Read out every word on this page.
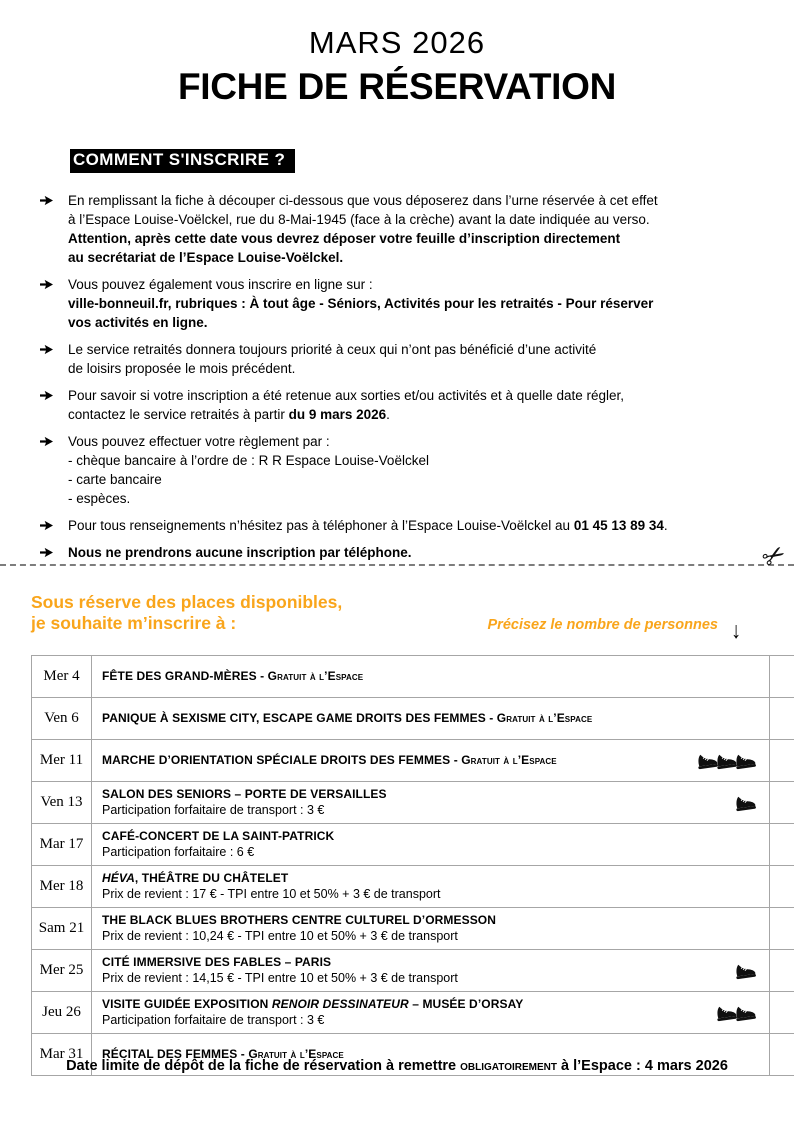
MARS 2026
FICHE DE RÉSERVATION
COMMENT S'INSCRIRE ?
En remplissant la fiche à découper ci-dessous que vous déposerez dans l’urne réservée à cet effet
à l’Espace Louise-Voëlckel, rue du 8-Mai-1945 (face à la crèche) avant la date indiquée au verso.
Attention, après cette date vous devrez déposer votre feuille d’inscription directement
au secrétariat de l’Espace Louise-Voëlckel.
Vous pouvez également vous inscrire en ligne sur :
ville-bonneuil.fr, rubriques : À tout âge - Séniors, Activités pour les retraités - Pour réserver
vos activités en ligne.
Le service retraités donnera toujours priorité à ceux qui n’ont pas bénéficié d’une activité
de loisirs proposée le mois précédent.
Pour savoir si votre inscription a été retenue aux sorties et/ou activités et à quelle date régler,
contactez le service retraités à partir du 9 mars 2026.
Vous pouvez effectuer votre règlement par :
- chèque bancaire à l’ordre de : R R Espace Louise-Voëlckel
- carte bancaire
- espèces.
Pour tous renseignements n’hésitez pas à téléphoner à l’Espace Louise-Voëlckel au 01 45 13 89 34.
Nous ne prendrons aucune inscription par téléphone.	✂
Sous réserve des places disponibles,
je souhaite m’inscrire à :	Précisez le nombre de personnes ↓
Mer 4	FÊTE DES GRAND-MÈRES - Gratuit à l’Espace	

Ven 6	PANIQUE À SEXISME CITY, ESCAPE GAME DROITS DES FEMMES - Gratuit à l’Espace	

Mer 11	MARCHE D’ORIENTATION SPÉCIALE DROITS DES FEMMES - Gratuit à l’Espace	

Ven 13	SALON DES SENIORS – PORTE DE VERSAILLES
Participation forfaitaire de transport : 3 €	

Mar 17	CAFÉ-CONCERT DE LA SAINT-PATRICK
Participation forfaitaire : 6 €	

Mer 18	HÉVA, THÉÂTRE DU CHÂTELET
Prix de revient : 17 € - TPI entre 10 et 50% + 3 € de transport	

Sam 21	THE BLACK BLUES BROTHERS CENTRE CULTUREL D’ORMESSON
Prix de revient : 10,24 € - TPI entre 10 et 50% + 3 € de transport	

Mer 25	CITÉ IMMERSIVE DES FABLES – PARIS
Prix de revient : 14,15 € - TPI entre 10 et 50% + 3 € de transport	

Jeu 26	VISITE GUIDÉE EXPOSITION RENOIR DESSINATEUR – MUSÉE D’ORSAY
Participation forfaitaire de transport : 3 €	

Mar 31	RÉCITAL DES FEMMES - Gratuit à l’Espace	

Date limite de dépôt de la fiche de réservation à remettre obligatoirement à l’Espace : 4 mars 2026
